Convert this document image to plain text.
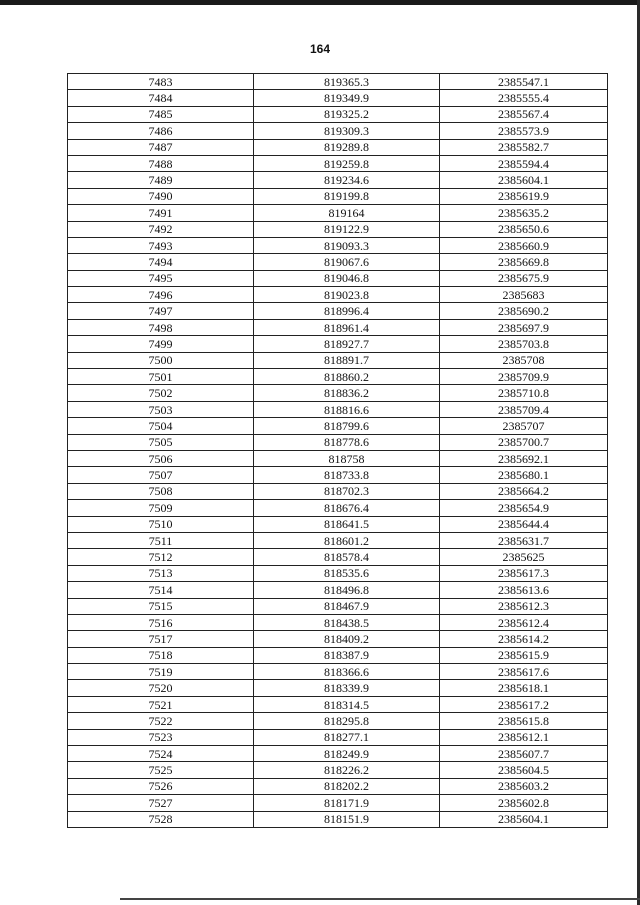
164
7483	819365.3	2385547.1
7484	819349.9	2385555.4
7485	819325.2	2385567.4
7486	819309.3	2385573.9
7487	819289.8	2385582.7
7488	819259.8	2385594.4
7489	819234.6	2385604.1
7490	819199.8	2385619.9
7491	819164	2385635.2
7492	819122.9	2385650.6
7493	819093.3	2385660.9
7494	819067.6	2385669.8
7495	819046.8	2385675.9
7496	819023.8	2385683
7497	818996.4	2385690.2
7498	818961.4	2385697.9
7499	818927.7	2385703.8
7500	818891.7	2385708
7501	818860.2	2385709.9
7502	818836.2	2385710.8
7503	818816.6	2385709.4
7504	818799.6	2385707
7505	818778.6	2385700.7
7506	818758	2385692.1
7507	818733.8	2385680.1
7508	818702.3	2385664.2
7509	818676.4	2385654.9
7510	818641.5	2385644.4
7511	818601.2	2385631.7
7512	818578.4	2385625
7513	818535.6	2385617.3
7514	818496.8	2385613.6
7515	818467.9	2385612.3
7516	818438.5	2385612.4
7517	818409.2	2385614.2
7518	818387.9	2385615.9
7519	818366.6	2385617.6
7520	818339.9	2385618.1
7521	818314.5	2385617.2
7522	818295.8	2385615.8
7523	818277.1	2385612.1
7524	818249.9	2385607.7
7525	818226.2	2385604.5
7526	818202.2	2385603.2
7527	818171.9	2385602.8
7528	818151.9	2385604.1
